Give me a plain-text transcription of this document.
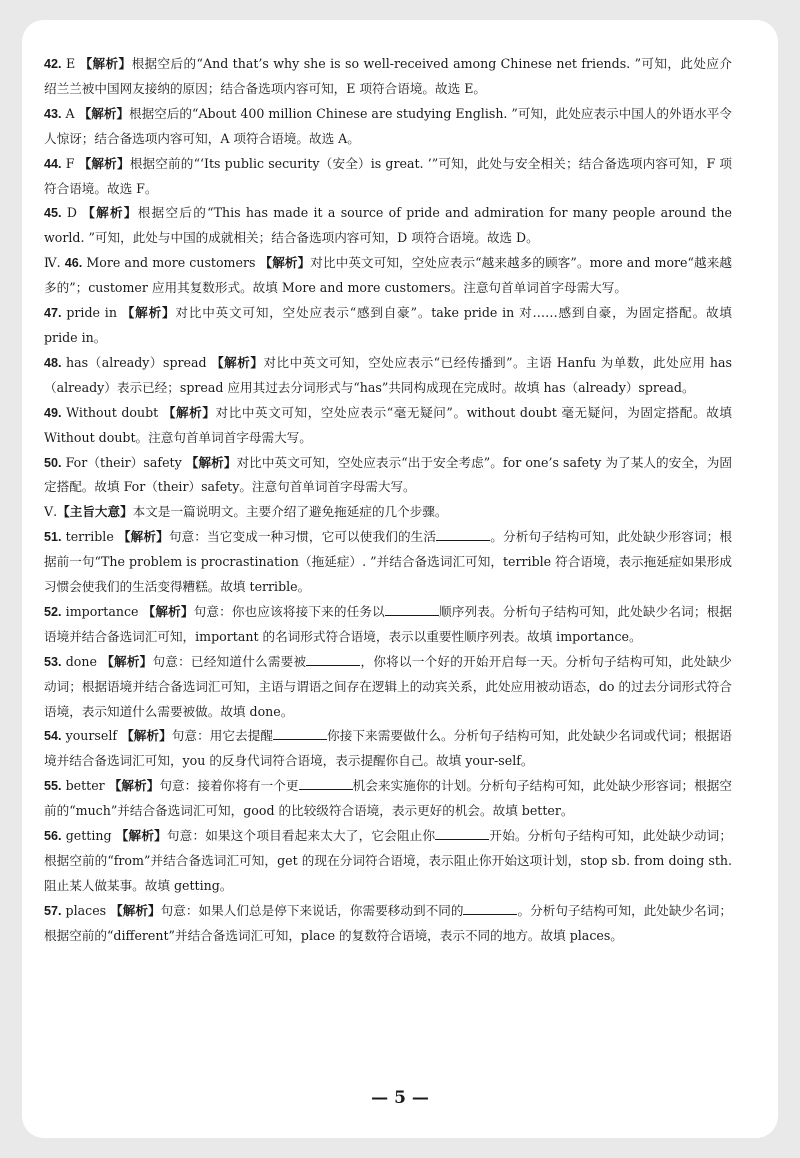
42. E 【解析】根据空后的“And that’s why she is so well-received among Chinese net friends. ”可知，此处应介绍兰兰被中国网友接纳的原因；结合备选项内容可知，E 项符合语境。故选 E。
43. A 【解析】根据空后的“About 400 million Chinese are studying English. ”可知，此处应表示中国人的外语水平令人惊讶；结合备选项内容可知，A 项符合语境。故选 A。
44. F 【解析】根据空前的“‘Its public security（安全）is great. ’”可知，此处与安全相关；结合备选项内容可知，F 项符合语境。故选 F。
45. D 【解析】根据空后的“This has made it a source of pride and admiration for many people around the world. ”可知，此处与中国的成就相关；结合备选项内容可知，D 项符合语境。故选 D。
Ⅳ. 46. More and more customers 【解析】对比中英文可知，空处应表示“越来越多的顾客”。more and more“越来越多的”；customer 应用其复数形式。故填 More and more customers。注意句首单词首字母需大写。
47. pride in 【解析】对比中英文可知，空处应表示“感到自豪”。take pride in 对……感到自豪，为固定搭配。故填 pride in。
48. has（already）spread 【解析】对比中英文可知，空处应表示“已经传播到”。主语 Hanfu 为单数，此处应用 has（already）表示已经；spread 应用其过去分词形式与“has”共同构成现在完成时。故填 has（already）spread。
49. Without doubt 【解析】对比中英文可知，空处应表示“毫无疑问”。without doubt 毫无疑问，为固定搭配。故填 Without doubt。注意句首单词首字母需大写。
50. For（their）safety 【解析】对比中英文可知，空处应表示“出于安全考虑”。for one’s safety 为了某人的安全，为固定搭配。故填 For（their）safety。注意句首单词首字母需大写。
Ⅴ.【主旨大意】本文是一篇说明文。主要介绍了避免拖延症的几个步骤。
51. terrible 【解析】句意：当它变成一种习惯，它可以使我们的生活	。分析句子结构可知，此处缺少形容词；根据前一句“The problem is procrastination（拖延症）. ”并结合备选词汇可知，terrible 符合语境，表示拖延症如果形成习惯会使我们的生活变得糟糕。故填 terrible。
52. importance 【解析】句意：你也应该将接下来的任务以	顺序列表。分析句子结构可知，此处缺少名词；根据语境并结合备选词汇可知，important 的名词形式符合语境，表示以重要性顺序列表。故填 importance。
53. done 【解析】句意：已经知道什么需要被	，你将以一个好的开始开启每一天。分析句子结构可知，此处缺少动词；根据语境并结合备选词汇可知，主语与谓语之间存在逻辑上的动宾关系，此处应用被动语态，do 的过去分词形式符合语境，表示知道什么需要被做。故填 done。
54. yourself 【解析】句意：用它去提醒	你接下来需要做什么。分析句子结构可知，此处缺少名词或代词；根据语境并结合备选词汇可知，you 的反身代词符合语境，表示提醒你自己。故填 your-self。
55. better 【解析】句意：接着你将有一个更	机会来实施你的计划。分析句子结构可知，此处缺少形容词；根据空前的“much”并结合备选词汇可知，good 的比较级符合语境，表示更好的机会。故填 better。
56. getting 【解析】句意：如果这个项目看起来太大了，它会阻止你	开始。分析句子结构可知，此处缺少动词；根据空前的“from”并结合备选词汇可知，get 的现在分词符合语境，表示阻止你开始这项计划，stop sb. from doing sth. 阻止某人做某事。故填 getting。
57. places 【解析】句意：如果人们总是停下来说话，你需要移动到不同的	。分析句子结构可知，此处缺少名词；根据空前的“different”并结合备选词汇可知，place 的复数符合语境，表示不同的地方。故填 places。
— 5 —
